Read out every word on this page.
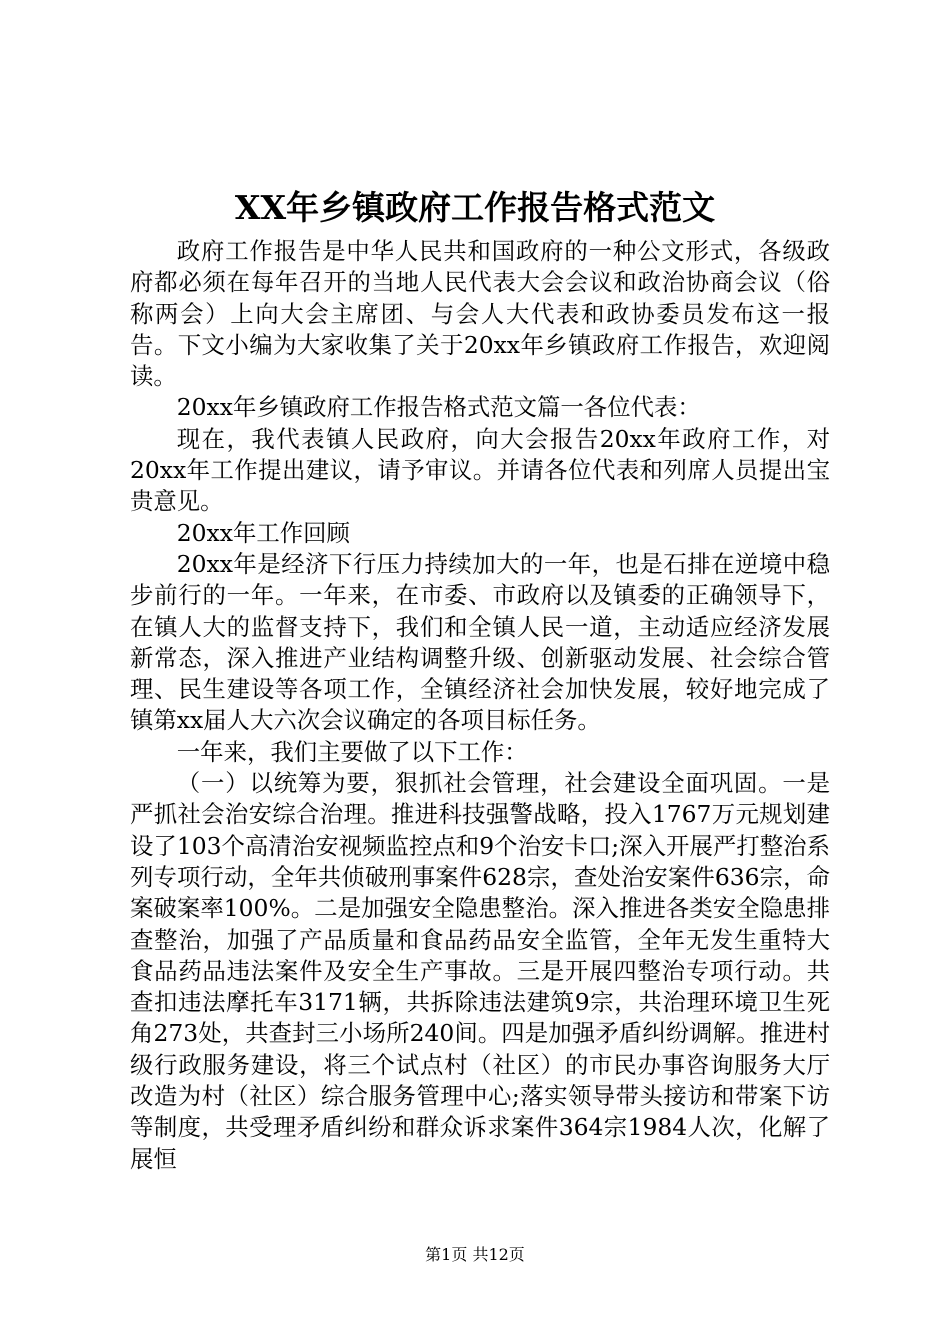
XX年乡镇政府工作报告格式范文

政府工作报告是中华人民共和国政府的一种公文形式，各级政府都必须在每年召开的当地人民代表大会会议和政治协商会议（俗称两会）上向大会主席团、与会人大代表和政协委员发布这一报告。下文小编为大家收集了关于20xx年乡镇政府工作报告，欢迎阅读。

20xx年乡镇政府工作报告格式范文篇一各位代表：

现在，我代表镇人民政府，向大会报告20xx年政府工作，对20xx年工作提出建议，请予审议。并请各位代表和列席人员提出宝贵意见。

20xx年工作回顾

20xx年是经济下行压力持续加大的一年，也是石排在逆境中稳步前行的一年。一年来，在市委、市政府以及镇委的正确领导下，在镇人大的监督支持下，我们和全镇人民一道，主动适应经济发展新常态，深入推进产业结构调整升级、创新驱动发展、社会综合管理、民生建设等各项工作，全镇经济社会加快发展，较好地完成了镇第xx届人大六次会议确定的各项目标任务。

一年来，我们主要做了以下工作：

（一）以统筹为要，狠抓社会管理，社会建设全面巩固。一是严抓社会治安综合治理。推进科技强警战略，投入1767万元规划建设了103个高清治安视频监控点和9个治安卡口;深入开展严打整治系列专项行动，全年共侦破刑事案件628宗，查处治安案件636宗，命案破案率100%。二是加强安全隐患整治。深入推进各类安全隐患排查整治，加强了产品质量和食品药品安全监管，全年无发生重特大食品药品违法案件及安全生产事故。三是开展四整治专项行动。共查扣违法摩托车3171辆，共拆除违法建筑9宗，共治理环境卫生死角273处，共查封三小场所240间。四是加强矛盾纠纷调解。推进村级行政服务建设，将三个试点村（社区）的市民办事咨询服务大厅改造为村（社区）综合服务管理中心;落实领导带头接访和带案下访等制度，共受理矛盾纠纷和群众诉求案件364宗1984人次，化解了展恒

第1页 共12页
